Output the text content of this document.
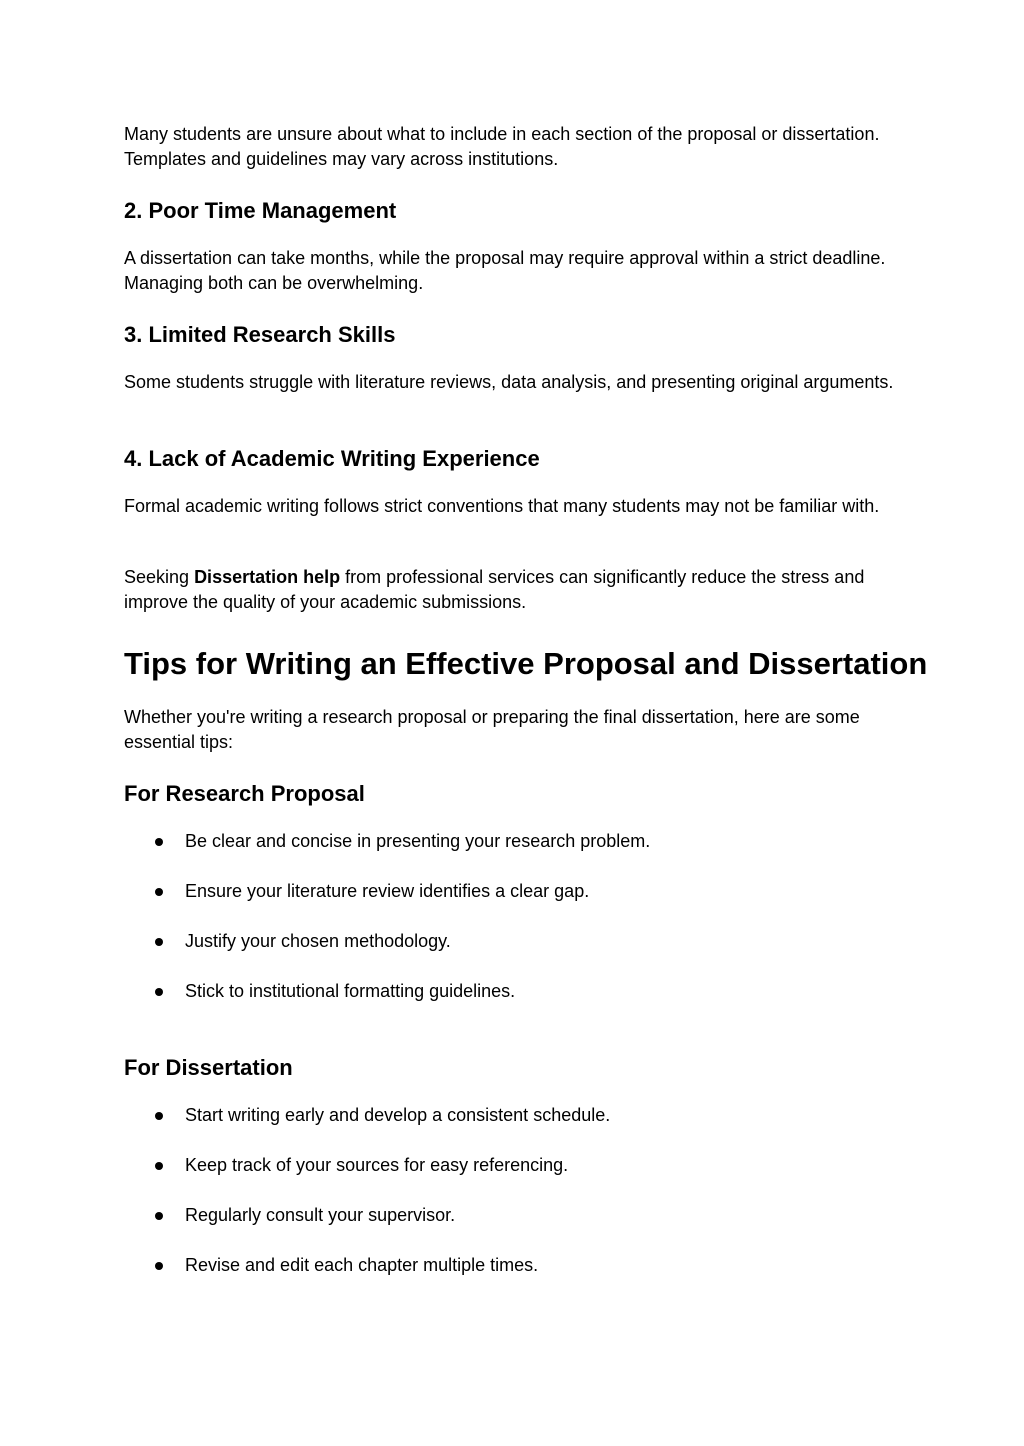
Many students are unsure about what to include in each section of the proposal or dissertation. Templates and guidelines may vary across institutions.

2. Poor Time Management

A dissertation can take months, while the proposal may require approval within a strict deadline. Managing both can be overwhelming.

3. Limited Research Skills

Some students struggle with literature reviews, data analysis, and presenting original arguments.

4. Lack of Academic Writing Experience

Formal academic writing follows strict conventions that many students may not be familiar with.

Seeking Dissertation help from professional services can significantly reduce the stress and improve the quality of your academic submissions.

Tips for Writing an Effective Proposal and Dissertation

Whether you're writing a research proposal or preparing the final dissertation, here are some essential tips:

For Research Proposal
Be clear and concise in presenting your research problem.
Ensure your literature review identifies a clear gap.
Justify your chosen methodology.
Stick to institutional formatting guidelines.
For Dissertation
Start writing early and develop a consistent schedule.
Keep track of your sources for easy referencing.
Regularly consult your supervisor.
Revise and edit each chapter multiple times.
